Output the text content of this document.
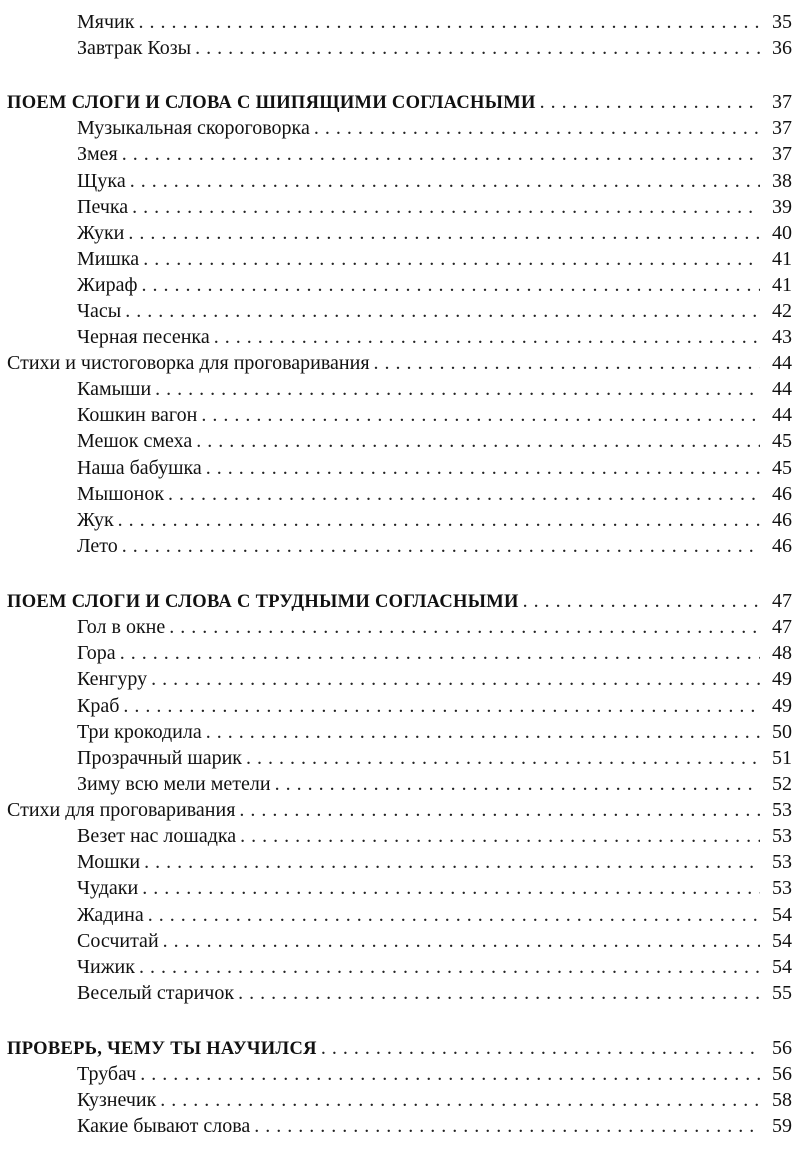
Мячик . . .	35
Завтрак Козы . . .	36
ПОЕМ СЛОГИ И СЛОВА С ШИПЯЩИМИ СОГЛАСНЫМИ . . .	37
Музыкальная скороговорка . . .	37
Змея . . .	37
Щука . . .	38
Печка . . .	39
Жуки . . .	40
Мишка . . .	41
Жираф . . .	41
Часы . . .	42
Черная песенка . . .	43
Стихи и чистоговорка для проговаривания . . .	44
Камыши . . .	44
Кошкин вагон . . .	44
Мешок смеха . . .	45
Наша бабушка . . .	45
Мышонок . . .	46
Жук . . .	46
Лето . . .	46
ПОЕМ СЛОГИ И СЛОВА С ТРУДНЫМИ СОГЛАСНЫМИ . . .	47
Гол в окне . . .	47
Гора . . .	48
Кенгуру . . .	49
Краб . . .	49
Три крокодила . . .	50
Прозрачный шарик . . .	51
Зиму всю мели метели . . .	52
Стихи для проговаривания . . .	53
Везет нас лошадка . . .	53
Мошки . . .	53
Чудаки . . .	53
Жадина . . .	54
Сосчитай . . .	54
Чижик . . .	54
Веселый старичок . . .	55
ПРОВЕРЬ, ЧЕМУ ТЫ НАУЧИЛСЯ . . .	56
Трубач . . .	56
Кузнечик . . .	58
Какие бывают слова . . .	59
